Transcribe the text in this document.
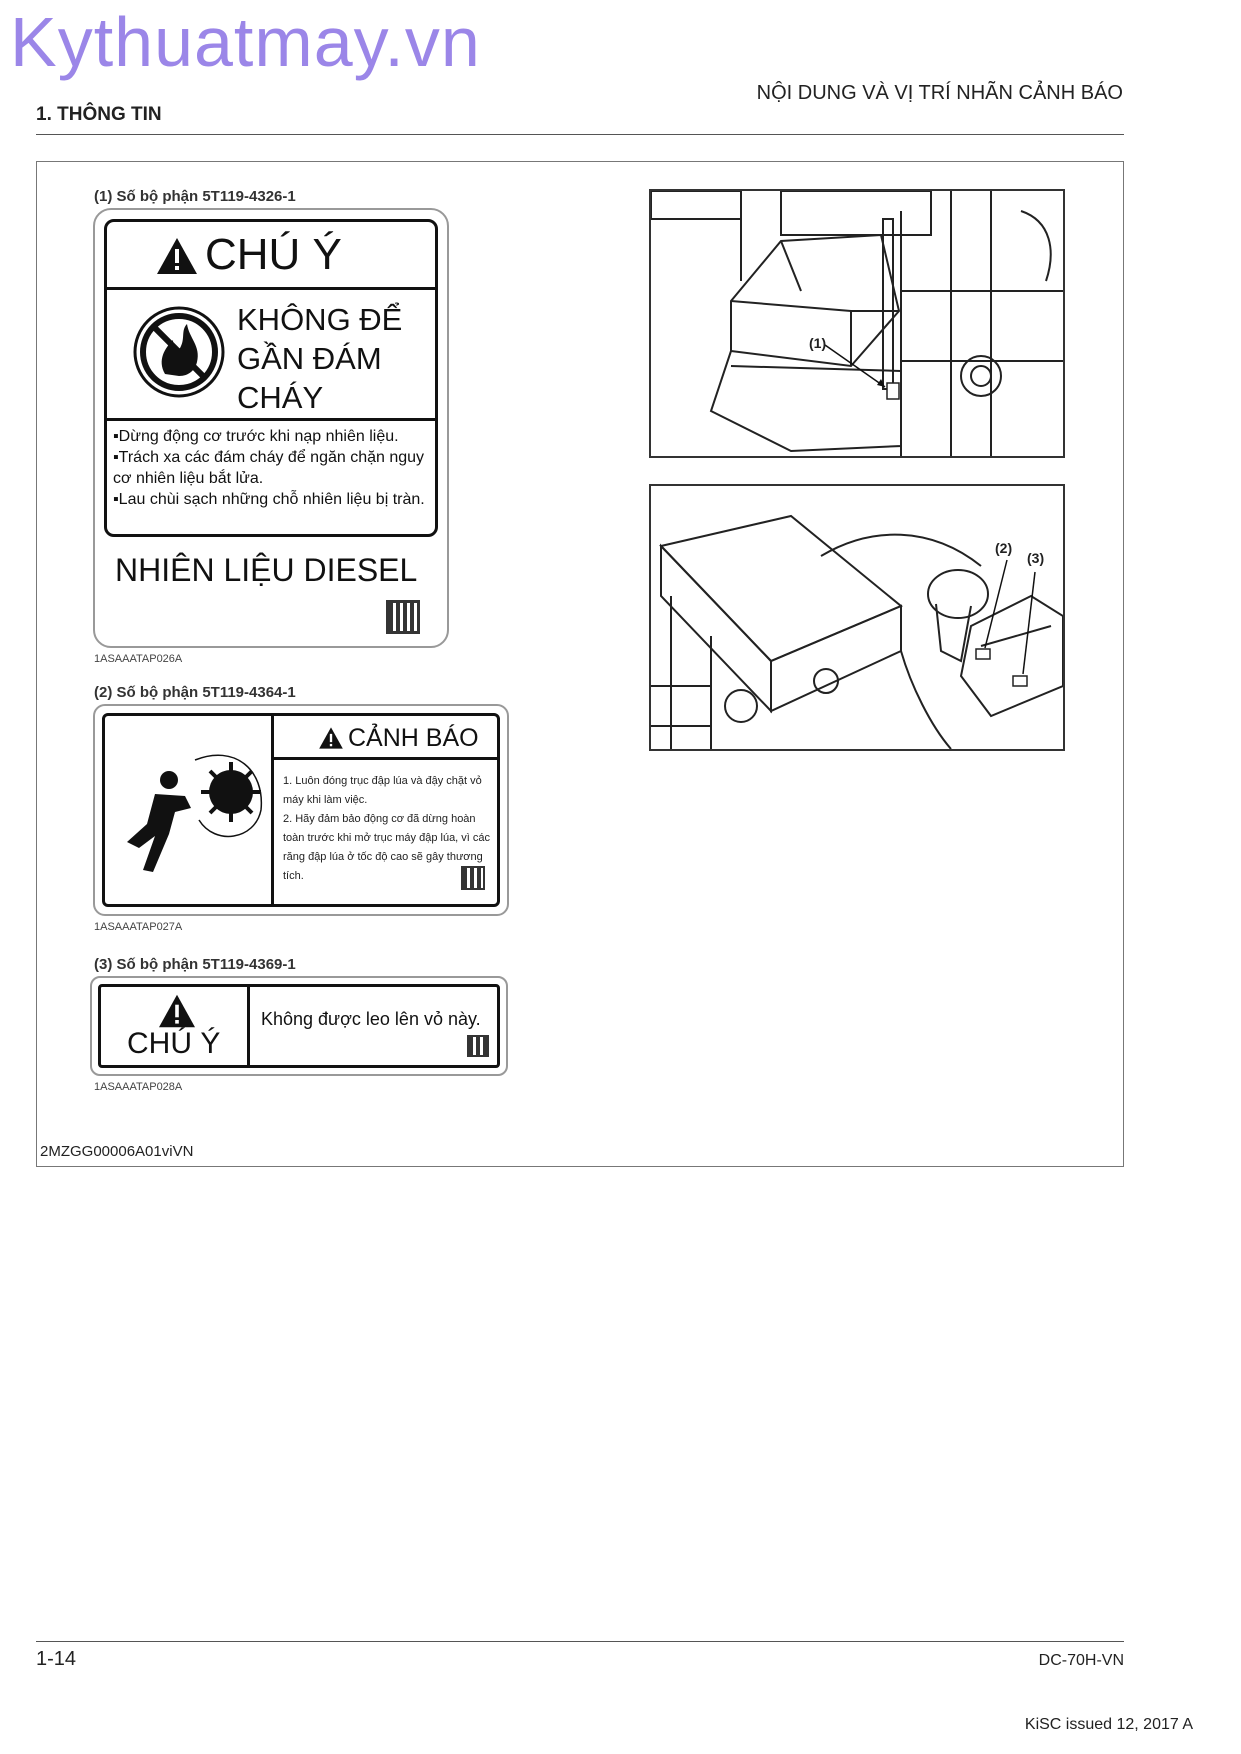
Kythuatmay.vn
NỘI DUNG VÀ VỊ TRÍ NHÃN CẢNH BÁO
1. THÔNG TIN
(1) Số bộ phận 5T119-4326-1
CHÚ Ý
KHÔNG ĐỂ
GẦN ĐÁM
CHÁY
▪Dừng động cơ trước khi nạp nhiên liệu.
▪Trách xa các đám cháy để ngăn chặn nguy cơ nhiên liệu bắt lửa.
▪Lau chùi sạch những chỗ nhiên liệu bị tràn.
NHIÊN LIỆU DIESEL
1ASAAATAP026A
(2) Số bộ phận 5T119-4364-1
CẢNH BÁO
1. Luôn đóng trục đập lúa và đậy chặt vỏ máy khi làm việc.
2. Hãy đảm bảo động cơ đã dừng hoàn toàn trước khi mở trục máy đập lúa, vì các răng đập lúa ở tốc độ cao sẽ gây thương tích.
1ASAAATAP027A
(3) Số bộ phận 5T119-4369-1
CHÚ Ý
Không được leo lên vỏ này.
1ASAAATAP028A
(1)
(2)
(3)
2MZGG00006A01viVN
1-14	DC-70H-VN
KiSC issued 12, 2017 A
